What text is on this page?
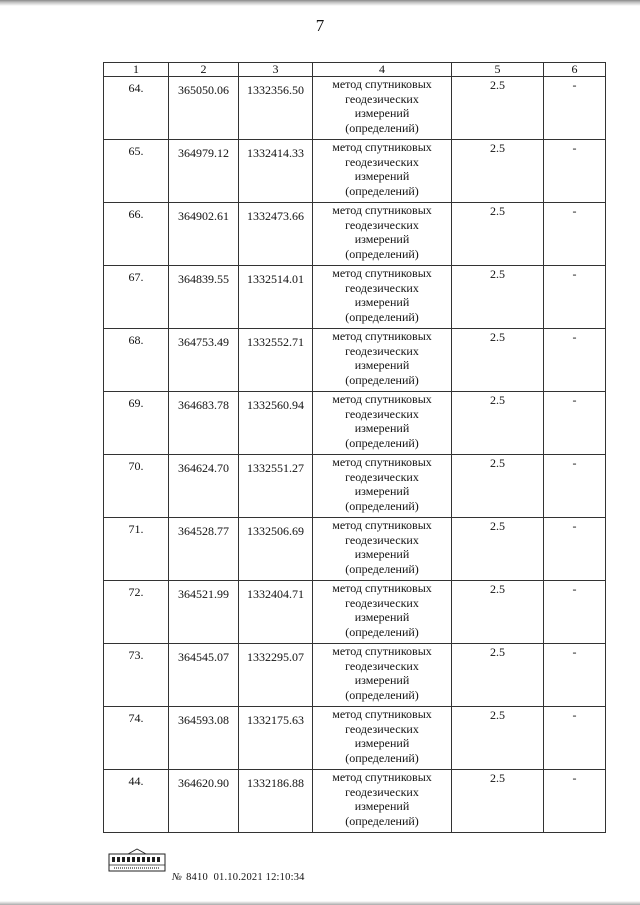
7
1	2	3	4	5	6
64.	365050.06	1332356.50	метод спутниковых
геодезических
измерений
(определений)	2.5	-
65.	364979.12	1332414.33	метод спутниковых
геодезических
измерений
(определений)	2.5	-
66.	364902.61	1332473.66	метод спутниковых
геодезических
измерений
(определений)	2.5	-
67.	364839.55	1332514.01	метод спутниковых
геодезических
измерений
(определений)	2.5	-
68.	364753.49	1332552.71	метод спутниковых
геодезических
измерений
(определений)	2.5	-
69.	364683.78	1332560.94	метод спутниковых
геодезических
измерений
(определений)	2.5	-
70.	364624.70	1332551.27	метод спутниковых
геодезических
измерений
(определений)	2.5	-
71.	364528.77	1332506.69	метод спутниковых
геодезических
измерений
(определений)	2.5	-
72.	364521.99	1332404.71	метод спутниковых
геодезических
измерений
(определений)	2.5	-
73.	364545.07	1332295.07	метод спутниковых
геодезических
измерений
(определений)	2.5	-
74.	364593.08	1332175.63	метод спутниковых
геодезических
измерений
(определений)	2.5	-
44.	364620.90	1332186.88	метод спутниковых
геодезических
измерений
(определений)	2.5	-
№ 8410 01.10.2021 12:10:34
